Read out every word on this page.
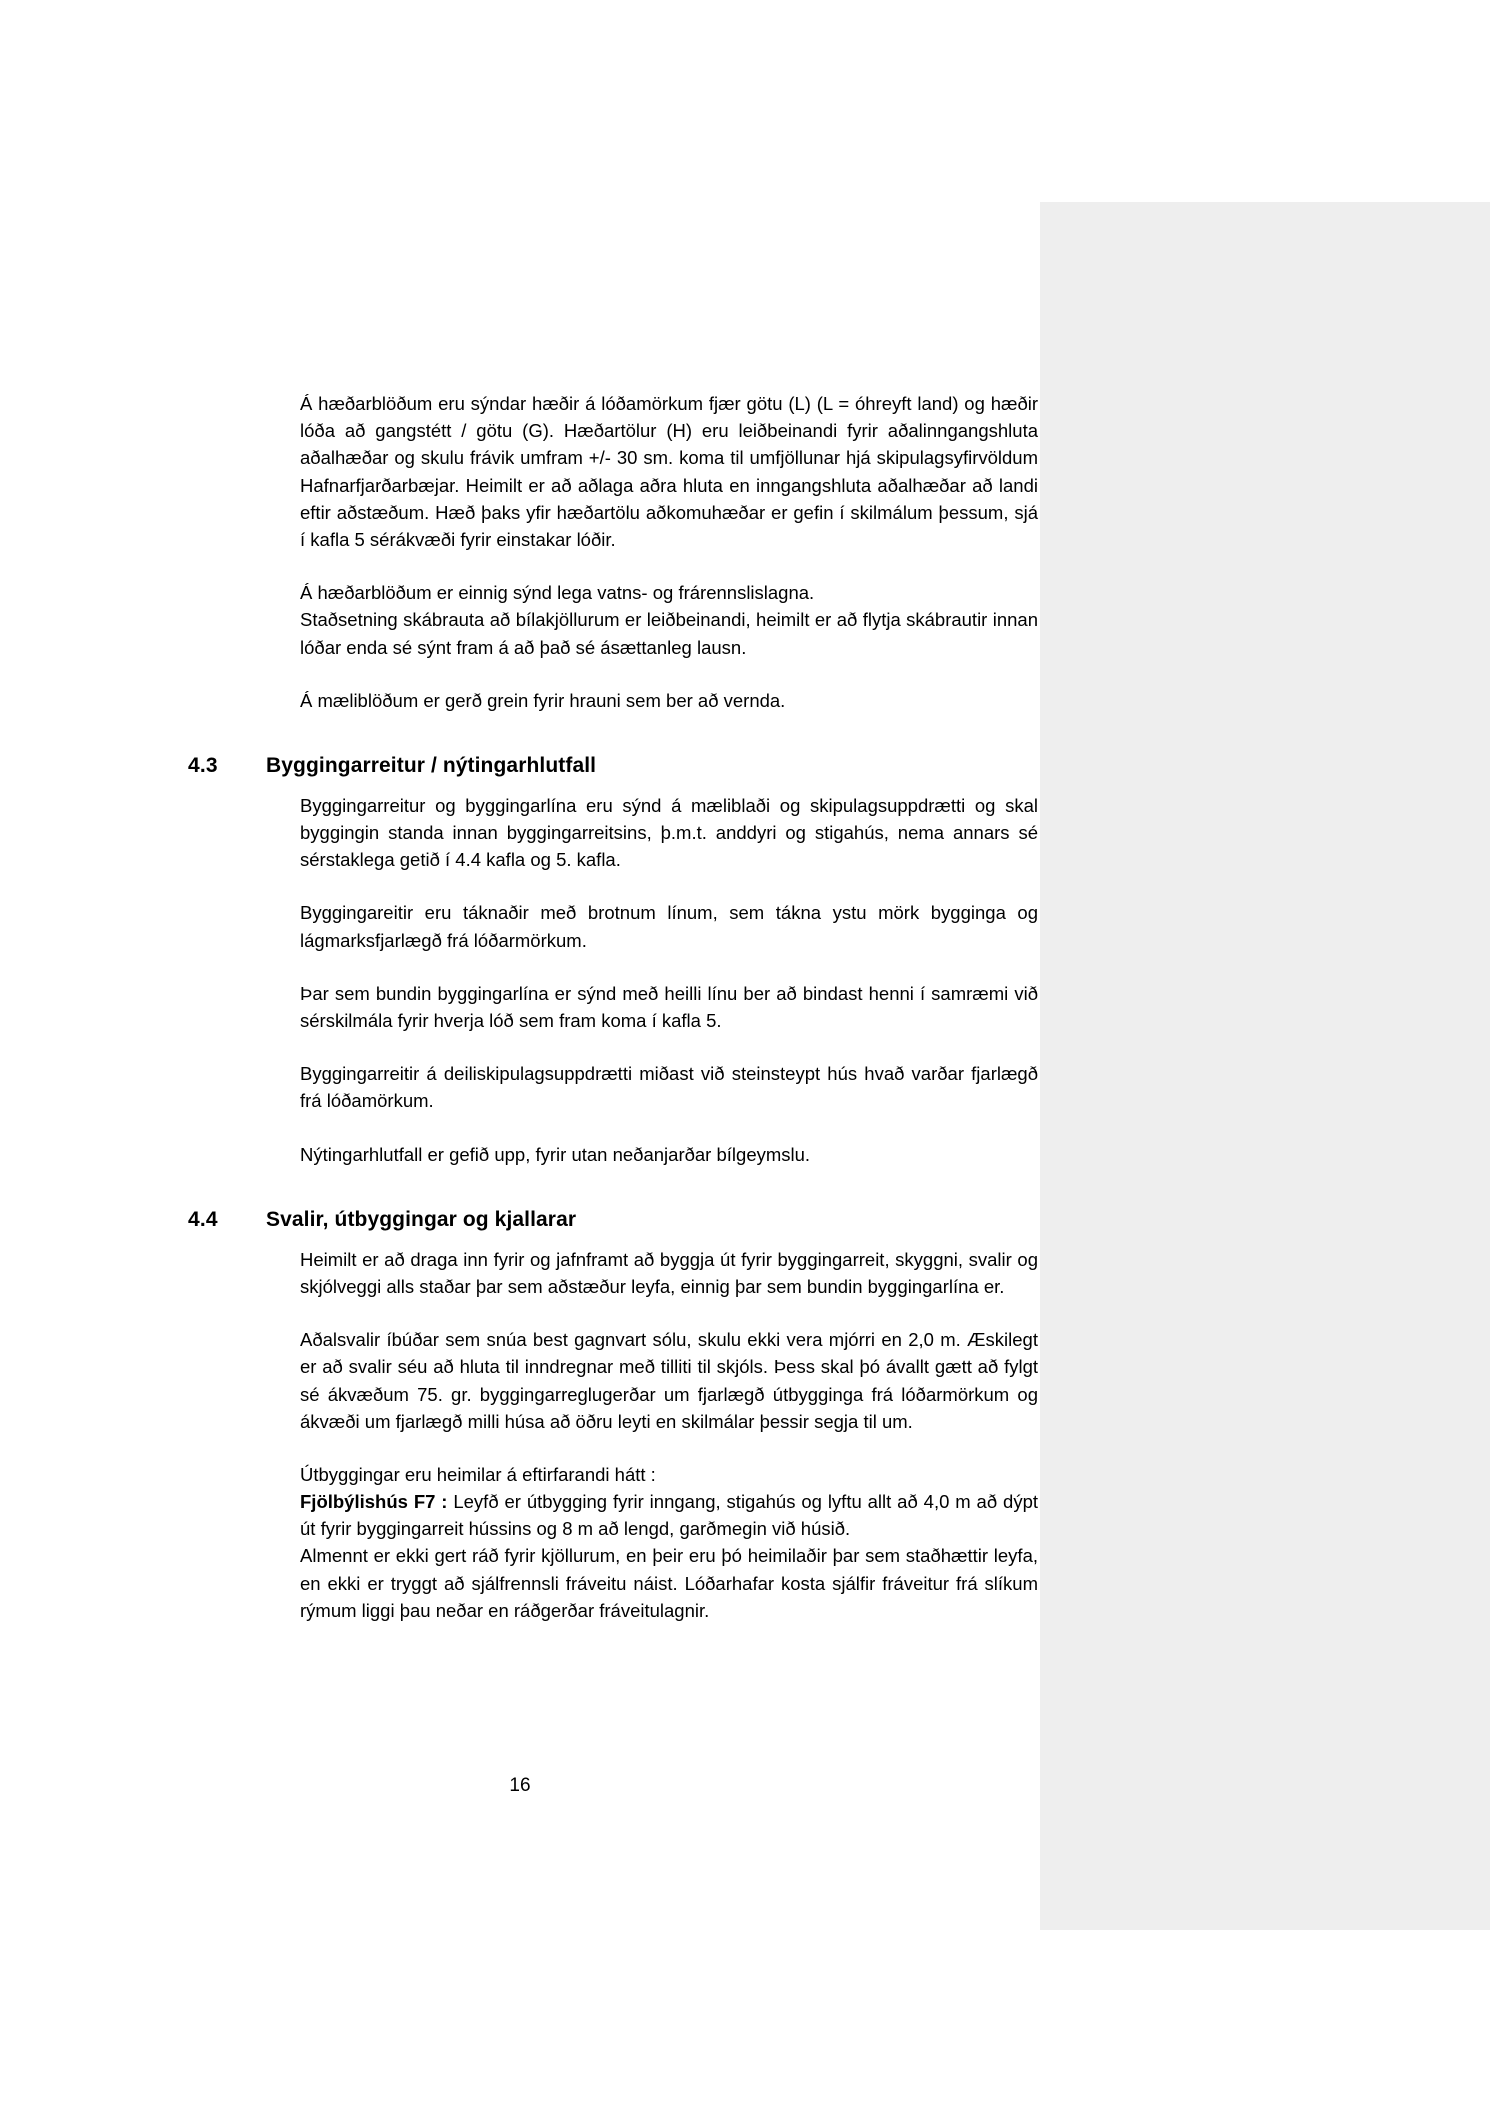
Á hæðarblöðum eru sýndar hæðir á lóðamörkum fjær götu (L) (L = óhreyft land) og hæðir lóða að gangstétt / götu (G). Hæðartölur (H) eru leiðbeinandi fyrir aðalinngangshluta aðalhæðar og skulu frávik umfram +/- 30 sm. koma til umfjöllunar hjá skipulagsyfirvöldum Hafnarfjarðarbæjar. Heimilt er að aðlaga aðra hluta en inngangshluta aðalhæðar að landi eftir aðstæðum. Hæð þaks yfir hæðartölu aðkomuhæðar er gefin í skilmálum þessum, sjá í kafla 5 sérákvæði fyrir einstakar lóðir.

Á hæðarblöðum er einnig sýnd lega vatns- og frárennslislagna.
Staðsetning skábrauta að bílakjöllurum er leiðbeinandi, heimilt er að flytja skábrautir innan lóðar enda sé sýnt fram á að það sé ásættanleg lausn.

Á mæliblöðum er gerð grein fyrir hrauni sem ber að vernda.

4.3	Byggingarreitur / nýtingarhlutfall

Byggingarreitur og byggingarlína eru sýnd á mæliblaði og skipulagsuppdrætti og skal byggingin standa innan byggingarreitsins, þ.m.t. anddyri og stigahús, nema annars sé sérstaklega getið í 4.4 kafla og 5. kafla.

Byggingareitir eru táknaðir með brotnum línum, sem tákna ystu mörk bygginga og lágmarksfjarlægð frá lóðarmörkum.

Þar sem bundin byggingarlína er sýnd með heilli línu ber að bindast henni í samræmi við sérskilmála fyrir hverja lóð sem fram koma í kafla 5.

Byggingarreitir á deiliskipulagsuppdrætti miðast við steinsteypt hús hvað varðar fjarlægð frá lóðamörkum.

Nýtingarhlutfall er gefið upp, fyrir utan neðanjarðar bílgeymslu.

4.4	Svalir, útbyggingar og kjallarar

Heimilt er að draga inn fyrir og jafnframt að byggja út fyrir byggingarreit, skyggni, svalir og skjólveggi alls staðar þar sem aðstæður leyfa, einnig þar sem bundin byggingarlína er.

Aðalsvalir íbúðar sem snúa best gagnvart sólu, skulu ekki vera mjórri en 2,0 m. Æskilegt er að svalir séu að hluta til inndregnar með tilliti til skjóls. Þess skal þó ávallt gætt að fylgt sé ákvæðum 75. gr. byggingarreglugerðar um fjarlægð útbygginga frá lóðarmörkum og ákvæði um fjarlægð milli húsa að öðru leyti en skilmálar þessir segja til um.

Útbyggingar eru heimilar á eftirfarandi hátt :
Fjölbýlishús F7 : Leyfð er útbygging fyrir inngang, stigahús og lyftu allt að 4,0 m að dýpt út fyrir byggingarreit hússins og 8 m að lengd, garðmegin við húsið.
Almennt er ekki gert ráð fyrir kjöllurum, en þeir eru þó heimilaðir þar sem staðhættir leyfa, en ekki er tryggt að sjálfrennsli fráveitu náist. Lóðarhafar kosta sjálfir fráveitur frá slíkum rýmum liggi þau neðar en ráðgerðar fráveitulagnir.

16
